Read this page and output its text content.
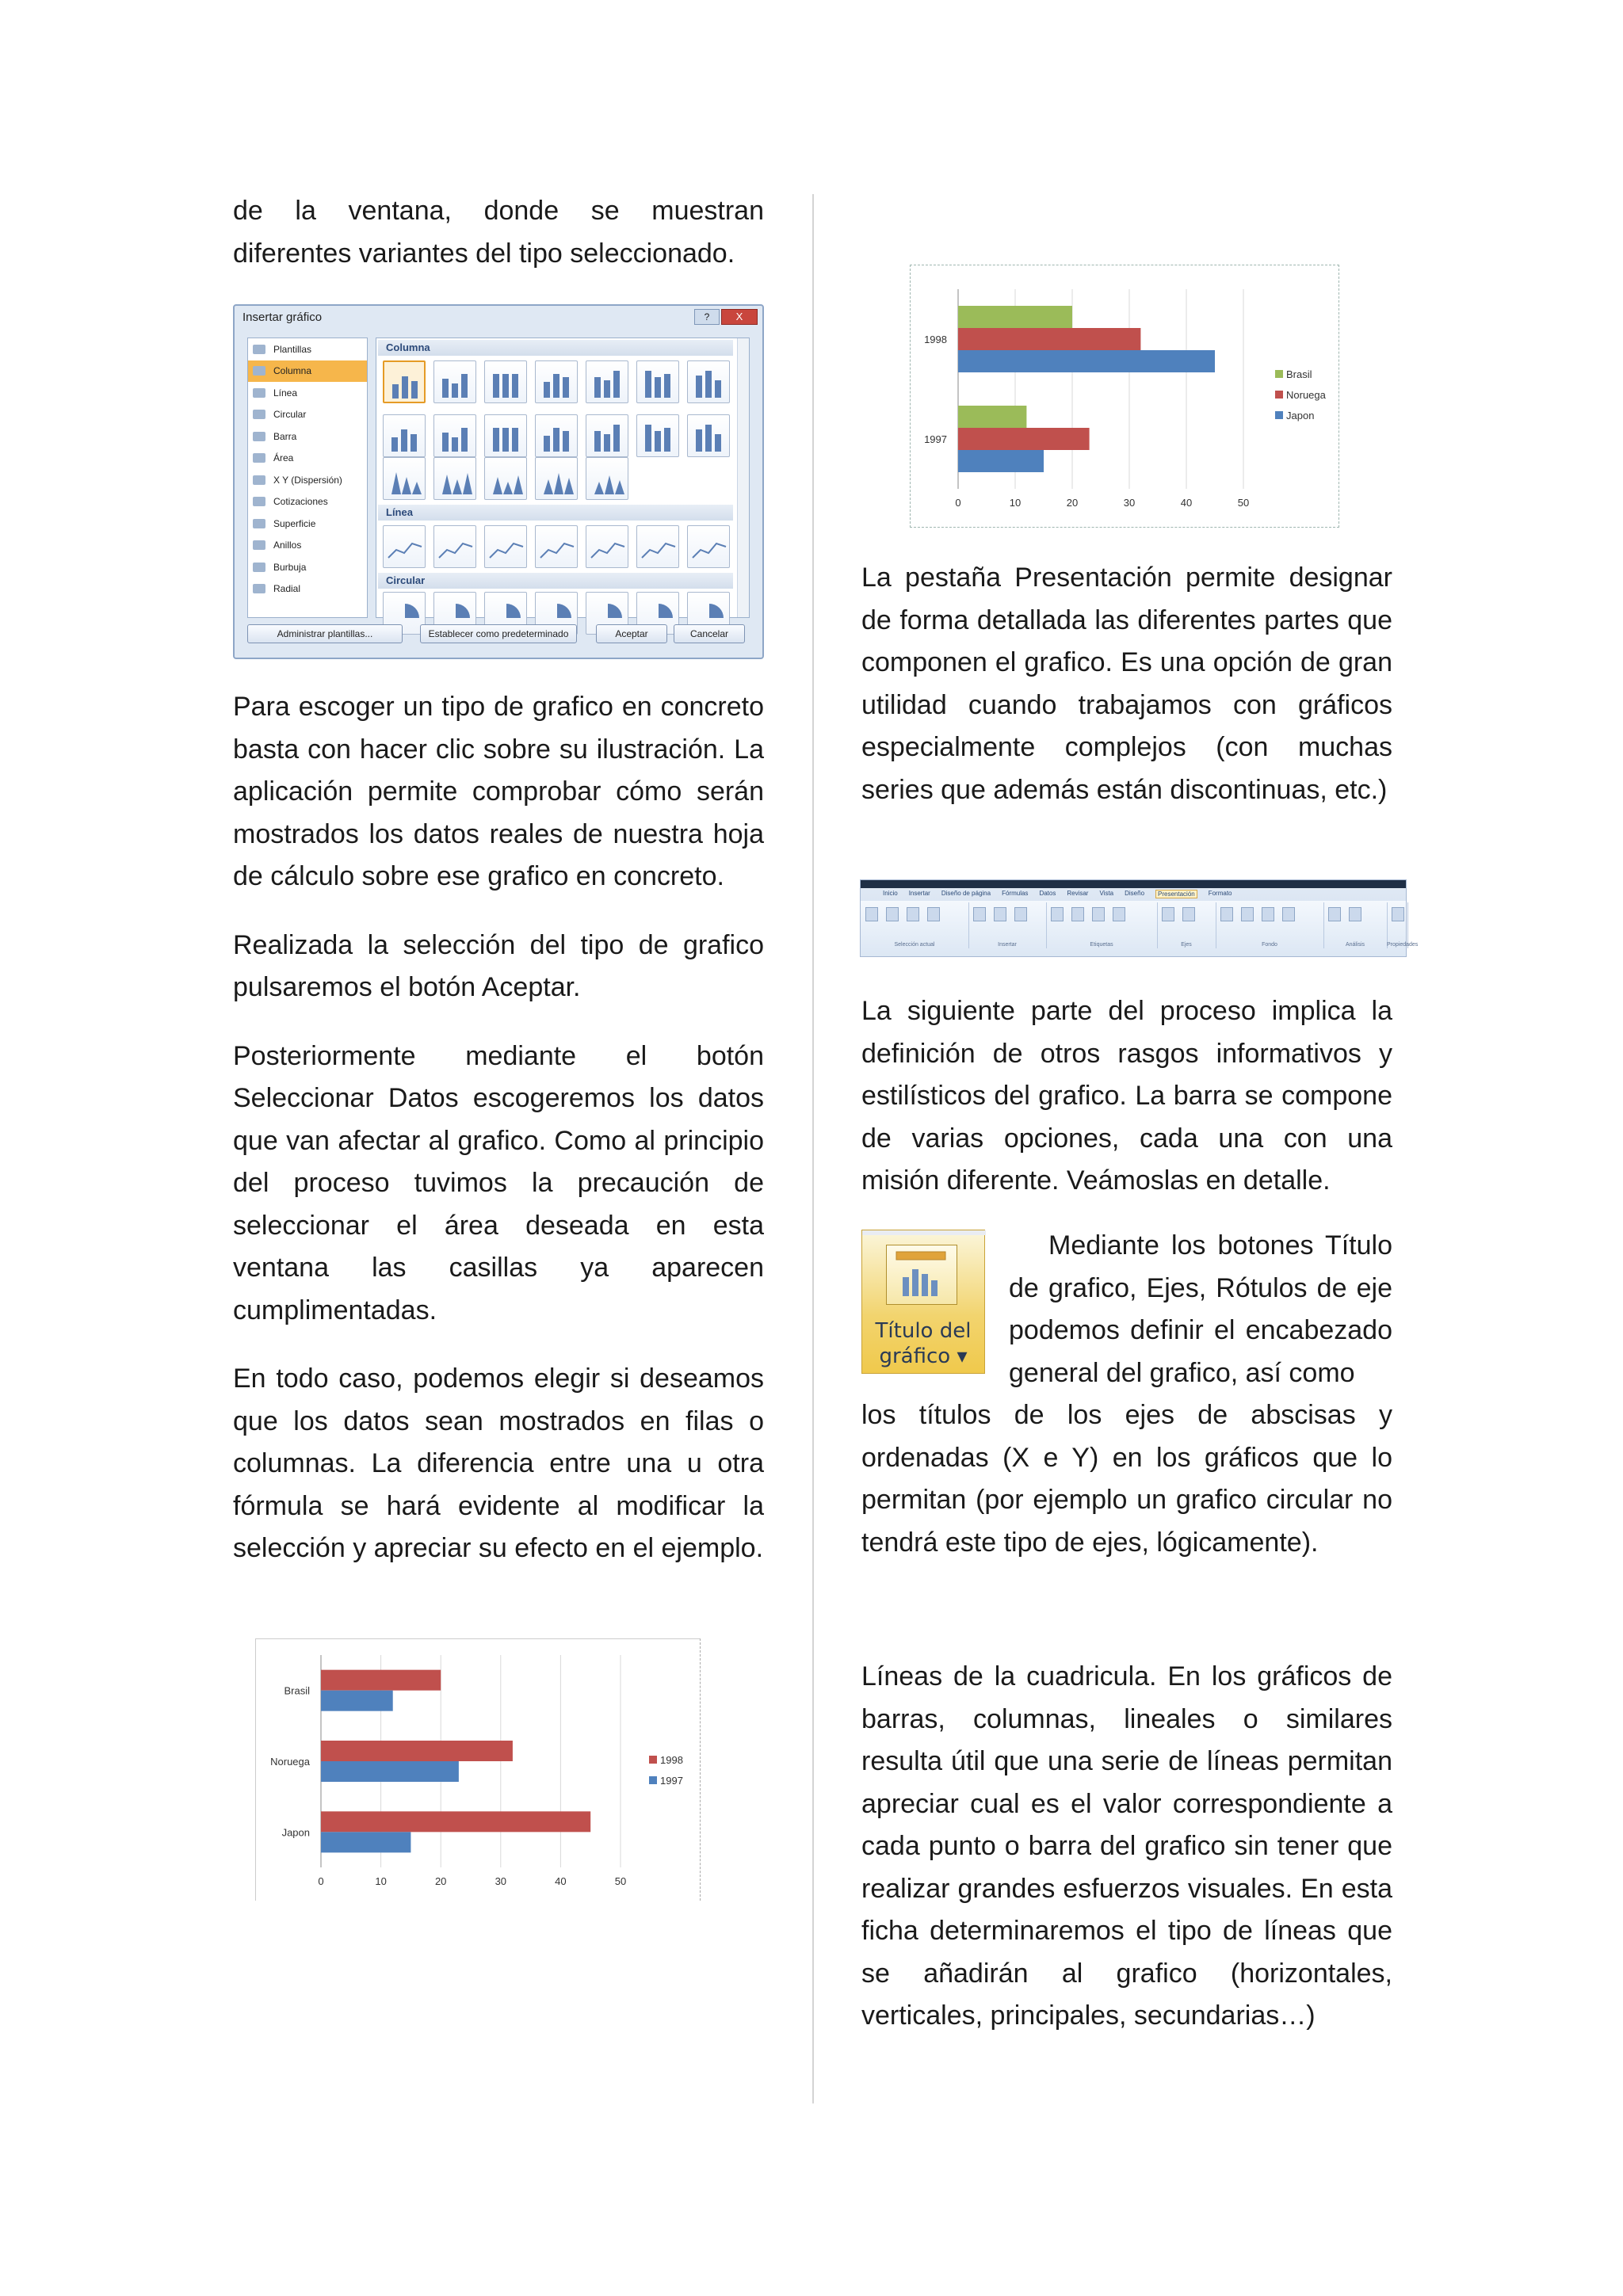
de la ventana, donde se muestran diferentes variantes del tipo seleccionado.

Insertar gráfico	?	X
Plantillas
Columna
Línea
Circular
Barra
Área
X Y (Dispersión)
Cotizaciones
Superficie
Anillos
Burbuja
Radial
Columna
Línea
Circular
Administrar plantillas...	Establecer como predeterminado	Aceptar	Cancelar

Para escoger un tipo de grafico en concreto basta con hacer clic sobre su ilustración. La aplicación permite comprobar cómo serán mostrados los datos reales de nuestra hoja de cálculo sobre ese grafico en concreto.

Realizada la selección del tipo de grafico pulsaremos el botón Aceptar.

Posteriormente mediante el botón Seleccionar Datos escogeremos los datos que van afectar al grafico. Como al principio del proceso tuvimos la precaución de seleccionar el área deseada en esta ventana las casillas ya aparecen cumplimentadas.

En todo caso, podemos elegir si deseamos que los datos sean mostrados en filas o columnas. La diferencia entre una u otra fórmula se hará evidente al modificar la selección y apreciar su efecto en el ejemplo.

0	10	20	30	40	50
Brasil
Noruega
Japon
1998
1997
0	10	20	30	40	50
1998
1997
Brasil
Noruega
Japon

La pestaña Presentación permite designar de forma detallada las diferentes partes que componen el grafico. Es una opción de gran utilidad cuando trabajamos con gráficos especialmente complejos (con muchas series que además están discontinuas, etc.)

Inicio Insertar Diseño de página Fórmulas Datos Revisar Vista Diseño	Presentación	Formato
Selección actual	Insertar	Etiquetas	Ejes	Fondo	Análisis	Propiedades

La siguiente parte del proceso implica la definición de otros rasgos informativos y estilísticos del grafico. La barra se compone de varias opciones, cada una con una misión diferente. Veámoslas en detalle.

Título del
gráfico ▾

Mediante los botones Título de grafico, Ejes, Rótulos de eje podemos definir el encabezado general del grafico, así como

los títulos de los ejes de abscisas y ordenadas (X e Y) en los gráficos que lo permitan (por ejemplo un grafico circular no tendrá este tipo de ejes, lógicamente).

Líneas de la cuadricula. En los gráficos de barras, columnas, lineales o similares resulta útil que una serie de líneas permitan apreciar cual es el valor correspondiente a cada punto o barra del grafico sin tener que realizar grandes esfuerzos visuales. En esta ficha determinaremos el tipo de líneas que se añadirán al grafico (horizontales, verticales, principales, secundarias…)
